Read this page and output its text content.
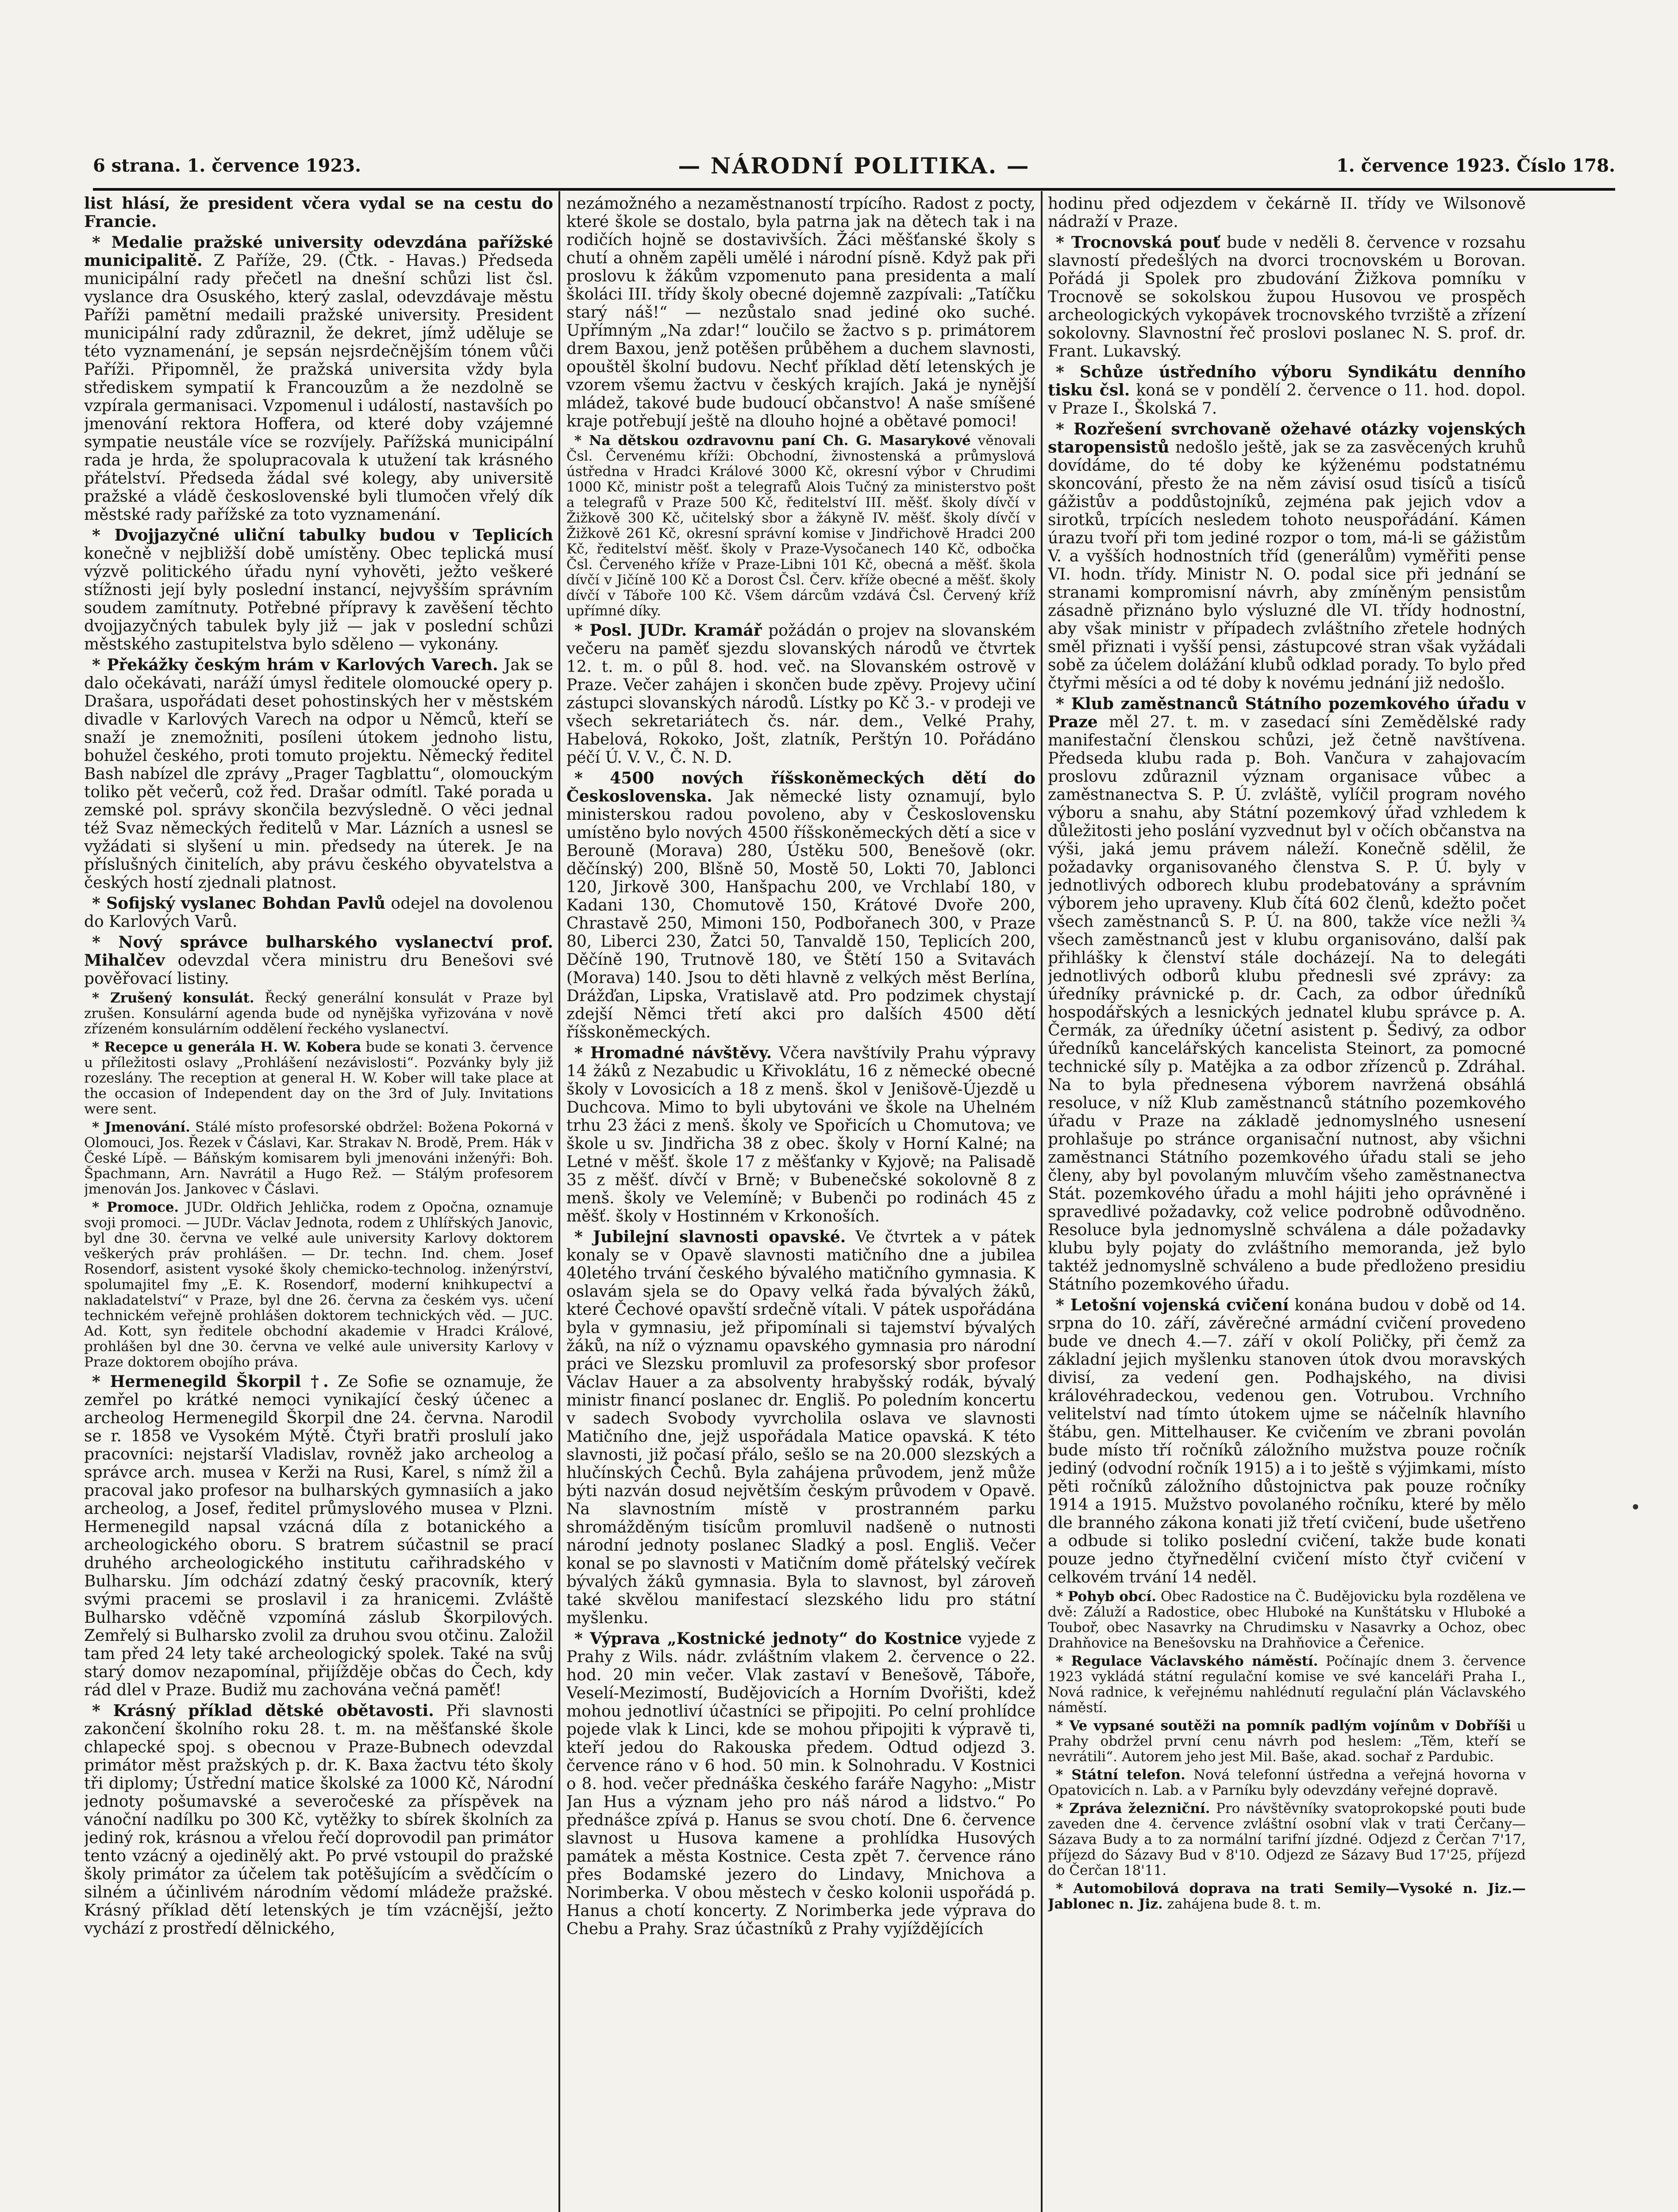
6 strana. 1. července 1923.	— NÁRODNÍ POLITIKA. —	1. července 1923. Číslo 178.

list hlásí, že president včera vydal se na cestu do Francie.

* Medalie pražské university odevzdána pařížské municipalitě. Z Paříže, 29. (Čtk. - Havas.) Předseda municipální rady přečetl na dnešní schůzi list čsl. vyslance dra Osuského, který zaslal, odevzdávaje městu Paříži pamětní medaili pražské university. President municipální rady zdůraznil, že dekret, jímž uděluje se této vyznamenání, je sepsán nejsrdečnějším tónem vůči Paříži. Připomněl, že pražská universita vždy byla střediskem sympatií k Francouzům a že nezdolně se vzpírala germanisaci. Vzpomenul i událostí, nastavších po jmenování rektora Hoffera, od které doby vzájemné sympatie neustále více se rozvíjely. Pařížská municipální rada je hrda, že spolupracovala k utužení tak krásného přátelství. Předseda žádal své kolegy, aby universitě pražské a vládě československé byli tlumočen vřelý dík městské rady pařížské za toto vyznamenání.

* Dvojjazyčné uliční tabulky budou v Teplicích konečně v nejbližší době umístěny. Obec teplická musí výzvě politického úřadu nyní vyhověti, ježto veškeré stížnosti její byly poslední instancí, nejvyšším správním soudem zamítnuty. Potřebné přípravy k zavěšení těchto dvojjazyčných tabulek byly již — jak v poslední schůzi městského zastupitelstva bylo sděleno — vykonány.

* Překážky českým hrám v Karlových Varech. Jak se dalo očekávati, naráží úmysl ředitele olomoucké opery p. Drašara, uspořádati deset pohostinských her v městském divadle v Karlových Varech na odpor u Němců, kteří se snaží je znemožniti, posíleni útokem jednoho listu, bohužel českého, proti tomuto projektu. Německý ředitel Bash nabízel dle zprávy „Prager Tagblattu“, olomouckým toliko pět večerů, což řed. Drašar odmítl. Také porada u zemské pol. správy skončila bezvýsledně. O věci jednal též Svaz německých ředitelů v Mar. Lázních a usnesl se vyžádati si slyšení u min. předsedy na úterek. Je na příslušných činitelích, aby právu českého obyvatelstva a českých hostí zjednali platnost.

* Sofijský vyslanec Bohdan Pavlů odejel na dovolenou do Karlových Varů.

* Nový správce bulharského vyslanectví prof. Mihalčev odevzdal včera ministru dru Benešovi své pověřovací listiny.

* Zrušený konsulát. Řecký generální konsulát v Praze byl zrušen. Konsulární agenda bude od nynějška vyřizována v nově zřízeném konsulárním oddělení řeckého vyslanectví.

* Recepce u generála H. W. Kobera bude se konati 3. července u příležitosti oslavy „Prohlášení nezávislosti“. Pozvánky byly již rozeslány. The reception at general H. W. Kober will take place at the occasion of Independent day on the 3rd of July. Invitations were sent.

* Jmenování. Stálé místo profesorské obdržel: Božena Pokorná v Olomouci, Jos. Řezek v Čáslavi, Kar. Strakav N. Brodě, Prem. Hák v České Lípě. — Báňským komisarem byli jmenováni inženýři: Boh. Špachmann, Arn. Navrátil a Hugo Rež. — Stálým profesorem jmenován Jos. Jankovec v Čáslavi.

* Promoce. JUDr. Oldřich Jehlička, rodem z Opočna, oznamuje svoji promoci. — JUDr. Václav Jednota, rodem z Uhlířských Janovic, byl dne 30. června ve velké aule university Karlovy doktorem veškerých práv prohlášen. — Dr. techn. Ind. chem. Josef Rosendorf, asistent vysoké školy chemicko-technolog. inženýrství, spolumajitel fmy „E. K. Rosendorf, moderní knihkupectví a nakladatelství“ v Praze, byl dne 26. června za českém vys. učení technickém veřejně prohlášen doktorem technických věd. — JUC. Ad. Kott, syn ředitele obchodní akademie v Hradci Králové, prohlášen byl dne 30. června ve velké aule university Karlovy v Praze doktorem obojího práva.

* Hermenegild Škorpil †. Ze Sofie se oznamuje, že zemřel po krátké nemoci vynikající český účenec a archeolog Hermenegild Škorpil dne 24. června. Narodil se r. 1858 ve Vysokém Mýtě. Čtyři bratři proslulí jako pracovníci: nejstarší Vladislav, rovněž jako archeolog a správce arch. musea v Kerži na Rusi, Karel, s nímž žil a pracoval jako profesor na bulharských gymnasiích a jako archeolog, a Josef, ředitel průmyslového musea v Plzni. Hermenegild napsal vzácná díla z botanického a archeologického oboru. S bratrem súčastnil se prací druhého archeologického institutu cařihradského v Bulharsku. Jím odchází zdatný český pracovník, který svými pracemi se proslavil i za hranicemi. Zvláště Bulharsko vděčně vzpomíná záslub Škorpilových. Zemřelý si Bulharsko zvolil za druhou svou otčinu. Založil tam před 24 lety také archeologický spolek. Také na svůj starý domov nezapomínal, přijížděje občas do Čech, kdy rád dlel v Praze. Budiž mu zachována večná paměť!

* Krásný příklad dětské obětavosti. Při slavnosti zakončení školního roku 28. t. m. na měšťanské škole chlapecké spoj. s obecnou v Praze-Bubnech odevzdal primátor měst pražských p. dr. K. Baxa žactvu této školy tři diplomy; Ústřední matice školské za 1000 Kč, Národní jednoty pošumavské a severočeské za příspěvek na vánoční nadílku po 300 Kč, vytěžky to sbírek školních za jediný rok, krásnou a vřelou řečí doprovodil pan primátor tento vzácný a ojedinělý akt. Po prvé vstoupil do pražské školy primátor za účelem tak potěšujícím a svědčícím o silném a účinlivém národním vědomí mládeže pražské. Krásný příklad dětí letenských je tím vzácnější, ježto vychází z prostředí dělnického,

nezámožného a nezaměstnaností trpícího. Radost z pocty, které škole se dostalo, byla patrna jak na dětech tak i na rodičích hojně se dostavivších. Žáci měšťanské školy s chutí a ohněm zapěli umělé i národní písně. Když pak při proslovu k žákům vzpomenuto pana presidenta a malí školáci III. třídy školy obecné dojemně zazpívali: „Tatíčku starý náš!“ — nezůstalo snad jediné oko suché. Upřímným „Na zdar!“ loučilo se žactvo s p. primátorem drem Baxou, jenž potěšen průběhem a duchem slavnosti, opouštěl školní budovu. Nechť příklad dětí letenských je vzorem všemu žactvu v českých krajích. Jaká je nynější mládež, takové bude budoucí občanstvo! A naše smíšené kraje potřebují ještě na dlouho hojné a obětavé pomoci!

* Na dětskou ozdravovnu paní Ch. G. Masarykové věnovali Čsl. Červenému kříži: Obchodní, živnostenská a průmyslová ústředna v Hradci Králové 3000 Kč, okresní výbor v Chrudimi 1000 Kč, ministr pošt a telegrafů Alois Tučný za ministerstvo pošt a telegrafů v Praze 500 Kč, ředitelství III. měšť. školy dívčí v Žižkově 300 Kč, učitelský sbor a žákyně IV. měšť. školy dívčí v Žižkově 261 Kč, okresní správní komise v Jindřichově Hradci 200 Kč, ředitelství měšť. školy v Praze-Vysočanech 140 Kč, odbočka Čsl. Červeného kříže v Praze-Libni 101 Kč, obecná a měšť. škola dívčí v Jičíně 100 Kč a Dorost Čsl. Červ. kříže obecné a měšť. školy dívčí v Táboře 100 Kč. Všem dárcům vzdává Čsl. Červený kříž upřímné díky.

* Posl. JUDr. Kramář požádán o projev na slovanském večeru na paměť sjezdu slovanských národů ve čtvrtek 12. t. m. o půl 8. hod. več. na Slovanském ostrově v Praze. Večer zahájen i skončen bude zpěvy. Projevy učiní zástupci slovanských národů. Lístky po Kč 3.- v prodeji ve všech sekretariátech čs. nár. dem., Velké Prahy, Habelová, Rokoko, Jošt, zlatník, Perštýn 10. Pořádáno péčí Ú. V. V., Č. N. D.

* 4500 nových říšskoněmeckých dětí do Československa. Jak německé listy oznamují, bylo ministerskou radou povoleno, aby v Československu umístěno bylo nových 4500 říšskoněmeckých dětí a sice v Berouně (Morava) 280, Ústěku 500, Benešově (okr. děčínský) 200, Blšně 50, Mostě 50, Lokti 70, Jablonci 120, Jirkově 300, Hanšpachu 200, ve Vrchlabí 180, v Kadani 130, Chomutově 150, Krátové Dvoře 200, Chrastavě 250, Mimoni 150, Podbořanech 300, v Praze 80, Liberci 230, Žatci 50, Tanvaldě 150, Teplicích 200, Děčíně 190, Trutnově 180, ve Štětí 150 a Svitavách (Morava) 140. Jsou to děti hlavně z velkých měst Berlína, Drážďan, Lipska, Vratislavě atd. Pro podzimek chystají zdejší Němci třetí akci pro dalších 4500 dětí říšskoněmeckých.

* Hromadné návštěvy. Včera navštívily Prahu výpravy 14 žáků z Nezabudic u Křivoklátu, 16 z německé obecné školy v Lovosicích a 18 z menš. škol v Jenišově-Újezdě u Duchcova. Mimo to byli ubytováni ve škole na Uhelném trhu 23 žáci z menš. školy ve Spořicích u Chomutova; ve škole u sv. Jindřicha 38 z obec. školy v Horní Kalné; na Letné v měšť. škole 17 z měšťanky v Kyjově; na Palisadě 35 z měšť. dívčí v Brně; v Bubenečské sokolovně 8 z menš. školy ve Velemíně; v Bubenči po rodinách 45 z měšť. školy v Hostinném v Krkonoších.

* Jubilejní slavnosti opavské. Ve čtvrtek a v pátek konaly se v Opavě slavnosti matičního dne a jubilea 40letého trvání českého bývalého matičního gymnasia. K oslavám sjela se do Opavy velká řada bývalých žáků, které Čechové opavští srdečně vítali. V pátek uspořádána byla v gymnasiu, jež připomínali si tajemství bývalých žáků, na níž o významu opavského gymnasia pro národní práci ve Slezsku promluvil za profesorský sbor profesor Václav Hauer a za absolventy hrabyšský rodák, bývalý ministr financí poslanec dr. Engliš. Po poledním koncertu v sadech Svobody vyvrcholila oslava ve slavnosti Matičního dne, jejž uspořádala Matice opavská. K této slavnosti, již počasí přálo, sešlo se na 20.000 slezských a hlučínských Čechů. Byla zahájena průvodem, jenž může býti nazván dosud největším českým průvodem v Opavě. Na slavnostním místě v prostranném parku shromážděným tisícům promluvil nadšeně o nutnosti národní jednoty poslanec Sladký a posl. Engliš. Večer konal se po slavnosti v Matičním domě přátelský večírek bývalých žáků gymnasia. Byla to slavnost, byl zároveň také skvělou manifestací slezského lidu pro státní myšlenku.

* Výprava „Kostnické jednoty“ do Kostnice vyjede z Prahy z Wils. nádr. zvláštním vlakem 2. července o 22. hod. 20 min večer. Vlak zastaví v Benešově, Táboře, Veselí-Mezimostí, Budějovicích a Horním Dvořišti, kdež mohou jednotliví účastníci se připojiti. Po celní prohlídce pojede vlak k Linci, kde se mohou připojiti k výpravě ti, kteří jedou do Rakouska předem. Odtud odjezd 3. července ráno v 6 hod. 50 min. k Solnohradu. V Kostnici o 8. hod. večer přednáška českého faráře Nagyho: „Mistr Jan Hus a význam jeho pro náš národ a lidstvo.“ Po přednášce zpívá p. Hanus se svou chotí. Dne 6. července slavnost u Husova kamene a prohlídka Husových památek a města Kostnice. Cesta zpět 7. července ráno přes Bodamské jezero do Lindavy, Mnichova a Norimberka. V obou městech v česko kolonii uspořádá p. Hanus a chotí koncerty. Z Norimberka jede výprava do Chebu a Prahy. Sraz účastníků z Prahy vyjíždějících

hodinu před odjezdem v čekárně II. třídy ve Wilsonově nádraží v Praze.

* Trocnovská pouť bude v neděli 8. července v rozsahu slavností předešlých na dvorci trocnovském u Borovan. Pořádá ji Spolek pro zbudování Žižkova pomníku v Trocnově se sokolskou župou Husovou ve prospěch archeologických vykopávek trocnovského tvrziště a zřízení sokolovny. Slavnostní řeč proslovi poslanec N. S. prof. dr. Frant. Lukavský.

* Schůze ústředního výboru Syndikátu denního tisku čsl. koná se v pondělí 2. července o 11. hod. dopol. v Praze I., Školská 7.

* Rozřešení svrchovaně ožehavé otázky vojenských staropensistů nedošlo ještě, jak se za zasvěcených kruhů dovídáme, do té doby ke kýženému podstatnému skoncování, přesto že na něm závisí osud tisíců a tisíců gážistův a poddůstojníků, zejména pak jejich vdov a sirotků, trpících nesledem tohoto neuspořádání. Kámen úrazu tvoří při tom jediné rozpor o tom, má-li se gážistům V. a vyšších hodnostních tříd (generálům) vyměřiti pense VI. hodn. třídy. Ministr N. O. podal sice při jednání se stranami kompromisní návrh, aby zmíněným pensistům zásadně přiznáno bylo výsluzné dle VI. třídy hodnostní, aby však ministr v případech zvláštního zřetele hodných směl přiznati i vyšší pensi, zástupcové stran však vyžádali sobě za účelem dolážání klubů odklad porady. To bylo před čtyřmi měsíci a od té doby k novému jednání již nedošlo.

* Klub zaměstnanců Státního pozemkového úřadu v Praze měl 27. t. m. v zasedací síni Zemědělské rady manifestační členskou schůzi, jež četně navštívena. Předseda klubu rada p. Boh. Vančura v zahajovacím proslovu zdůraznil význam organisace vůbec a zaměstnanectva S. P. Ú. zvláště, vylíčil program nového výboru a snahu, aby Státní pozemkový úřad vzhledem k důležitosti jeho poslání vyzvednut byl v očích občanstva na výši, jaká jemu právem náleží. Konečně sdělil, že požadavky organisovaného členstva S. P. Ú. byly v jednotlivých odborech klubu prodebatovány a správním výborem jeho upraveny. Klub čítá 602 členů, kdežto počet všech zaměstnanců S. P. Ú. na 800, takže více nežli ¾ všech zaměstnanců jest v klubu organisováno, další pak přihlášky k členství stále docházejí. Na to delegáti jednotlivých odborů klubu přednesli své zprávy: za úředníky právnické p. dr. Cach, za odbor úředníků hospodářských a lesnických jednatel klubu správce p. A. Čermák, za úředníky účetní asistent p. Šedivý, za odbor úředníků kancelářských kancelista Steinort, za pomocné technické síly p. Matějka a za odbor zřízenců p. Zdráhal. Na to byla přednesena výborem navržená obsáhlá resoluce, v níž Klub zaměstnanců státního pozemkového úřadu v Praze na základě jednomyslného usnesení prohlašuje po stránce organisační nutnost, aby všichni zaměstnanci Státního pozemkového úřadu stali se jeho členy, aby byl povolaným mluvčím všeho zaměstnanectva Stát. pozemkového úřadu a mohl hájiti jeho oprávněné i spravedlivé požadavky, což velice podrobně odůvodněno. Resoluce byla jednomyslně schválena a dále požadavky klubu byly pojaty do zvláštního memoranda, jež bylo taktéž jednomyslně schváleno a bude předloženo presidiu Státního pozemkového úřadu.

* Letošní vojenská cvičení konána budou v době od 14. srpna do 10. září, závěrečné armádní cvičení provedeno bude ve dnech 4.—7. září v okolí Poličky, při čemž za základní jejich myšlenku stanoven útok dvou moravských divisí, za vedení gen. Podhajského, na divisi královéhradeckou, vedenou gen. Votrubou. Vrchního velitelství nad tímto útokem ujme se náčelník hlavního štábu, gen. Mittelhauser. Ke cvičením ve zbrani povolán bude místo tří ročníků záložního mužstva pouze ročník jediný (odvodní ročník 1915) a i to ještě s výjimkami, místo pěti ročníků záložního důstojnictva pak pouze ročníky 1914 a 1915. Mužstvo povolaného ročníku, které by mělo dle branného zákona konati již třetí cvičení, bude ušetřeno a odbude si toliko poslední cvičení, takže bude konati pouze jedno čtyřnedělní cvičení místo čtyř cvičení v celkovém trvání 14 neděl.

* Pohyb obcí. Obec Radostice na Č. Budějovicku byla rozdělena ve dvě: Záluží a Radostice, obec Hluboké na Kunštátsku v Hluboké a Touboř, obec Nasavrky na Chrudimsku v Nasavrky a Ochoz, obec Drahňovice na Benešovsku na Drahňovice a Čeřenice.

* Regulace Václavského náměstí. Počínajíc dnem 3. července 1923 vykládá státní regulační komise ve své kanceláři Praha I., Nová radnice, k veřejnému nahlédnutí regulační plán Václavského náměstí.

* Ve vypsané soutěži na pomník padlým vojínům v Dobříši u Prahy obdržel první cenu návrh pod heslem: „Těm, kteří se nevrátili“. Autorem jeho jest Mil. Baše, akad. sochař z Pardubic.

* Státní telefon. Nová telefonní ústředna a veřejná hovorna v Opatovicích n. Lab. a v Parníku byly odevzdány veřejné dopravě.

* Zpráva železniční. Pro návštěvníky svatoprokopské pouti bude zaveden dne 4. července zvláštní osobní vlak v trati Čerčany—Sázava Budy a to za normální tarifní jízdné. Odjezd z Čerčan 7'17, příjezd do Sázavy Bud v 8'10. Odjezd ze Sázavy Bud 17'25, příjezd do Čerčan 18'11.

* Automobilová doprava na trati Semily—Vysoké n. Jiz.—Jablonec n. Jiz. zahájena bude 8. t. m.
